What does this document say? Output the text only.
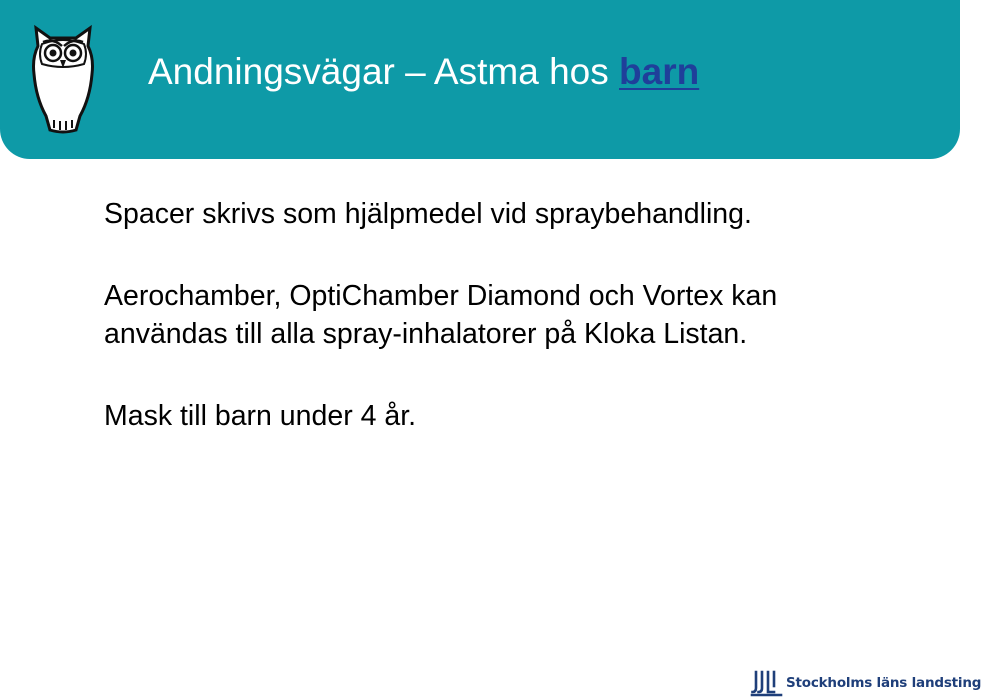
Andningsvägar – Astma hos barn

Spacer skrivs som hjälpmedel vid spraybehandling.

Aerochamber, OptiChamber Diamond och Vortex kan användas till alla spray-inhalatorer på Kloka Listan.

Mask till barn under 4 år.

Stockholms läns landsting
